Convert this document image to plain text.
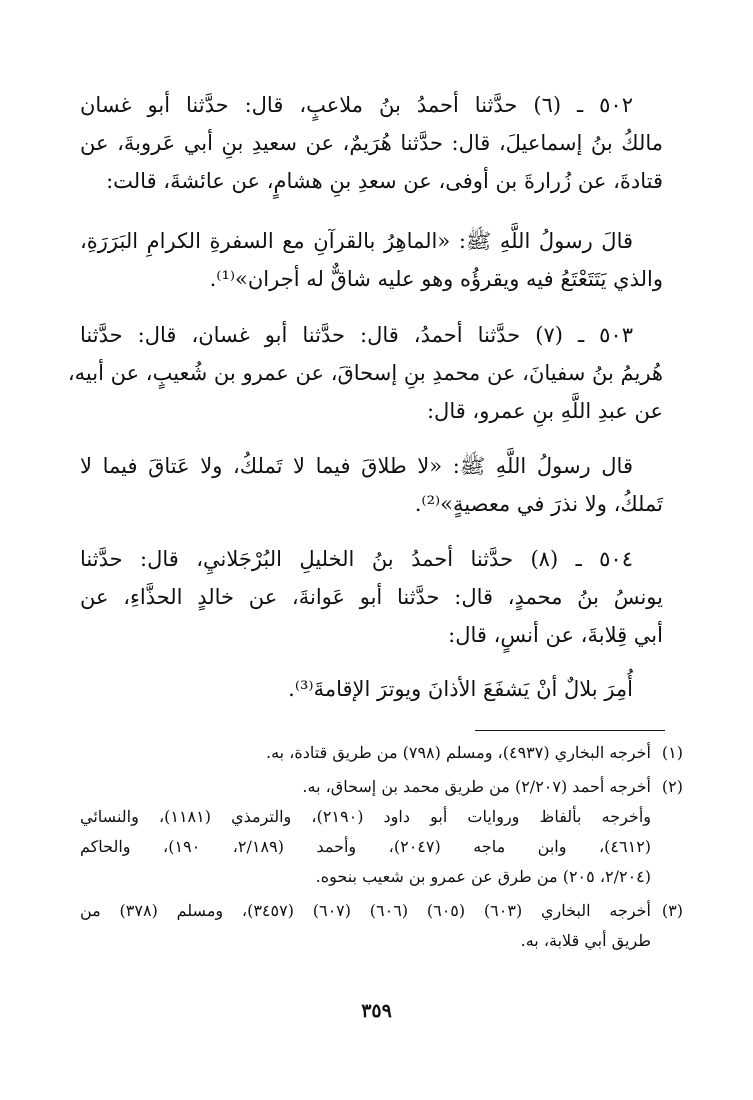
٥٠٢ ـ (٦) حدَّثنا أحمدُ بنُ ملاعبٍ، قال: حدَّثنا أبو غسان
مالكُ بنُ إسماعيلَ، قال: حدَّثنا هُرَيمٌ، عن سعيدِ بنِ أبي عَروبةَ، عن
قتادةَ، عن زُرارةَ بن أوفى، عن سعدِ بنِ هشامٍ، عن عائشةَ، قالت:
قالَ رسولُ اللَّهِ ﷺ: «الماهِرُ بالقرآنِ مع السفرةِ الكرامِ البَرَرَةِ،
والذي يَتَتَعْتَعُ فيه ويقرؤُه وهو عليه شاقٌّ له أجران»⁽¹⁾.
٥٠٣ ـ (٧) حدَّثنا أحمدُ، قال: حدَّثنا أبو غسان، قال: حدَّثنا
هُريمُ بنُ سفيانَ، عن محمدِ بنِ إسحاقَ، عن عمرو بن شُعيبٍ، عن أبيه،
عن عبدِ اللَّهِ بنِ عمرو، قال:
قال رسولُ اللَّهِ ﷺ: «لا طلاقَ فيما لا تَملكُ، ولا عَتاقَ فيما لا
تَملكُ، ولا نذرَ في معصيةٍ»⁽²⁾.
٥٠٤ ـ (٨) حدَّثنا أحمدُ بنُ الخليلِ البُرْجَلانيِ، قال: حدَّثنا
يونسُ بنُ محمدٍ، قال: حدَّثنا أبو عَوانةَ، عن خالدٍ الحذَّاءِ، عن
أبي قِلابةَ، عن أنسٍ، قال:
أُمِرَ بلالٌ أنْ يَشفَعَ الأذانَ ويوترَ الإقامةَ⁽³⁾.
(١)
أخرجه البخاري (٤٩٣٧)، ومسلم (٧٩٨) من طريق قتادة، به.
(٢)
أخرجه أحمد (٢/٢٠٧) من طريق محمد بن إسحاق، به.
وأخرجه بألفاظ وروايات أبو داود (٢١٩٠)، والترمذي (١١٨١)، والنسائي
(٤٦١٢)، وابن ماجه (٢٠٤٧)، وأحمد (٢/١٨٩، ١٩٠)، والحاكم
(٢/٢٠٤، ٢٠٥) من طرق عن عمرو بن شعيب بنحوه.
(٣)
أخرجه البخاري (٦٠٣) (٦٠٥) (٦٠٦) (٦٠٧) (٣٤٥٧)، ومسلم (٣٧٨) من
طريق أبي قلابة، به.
٣٥٩
